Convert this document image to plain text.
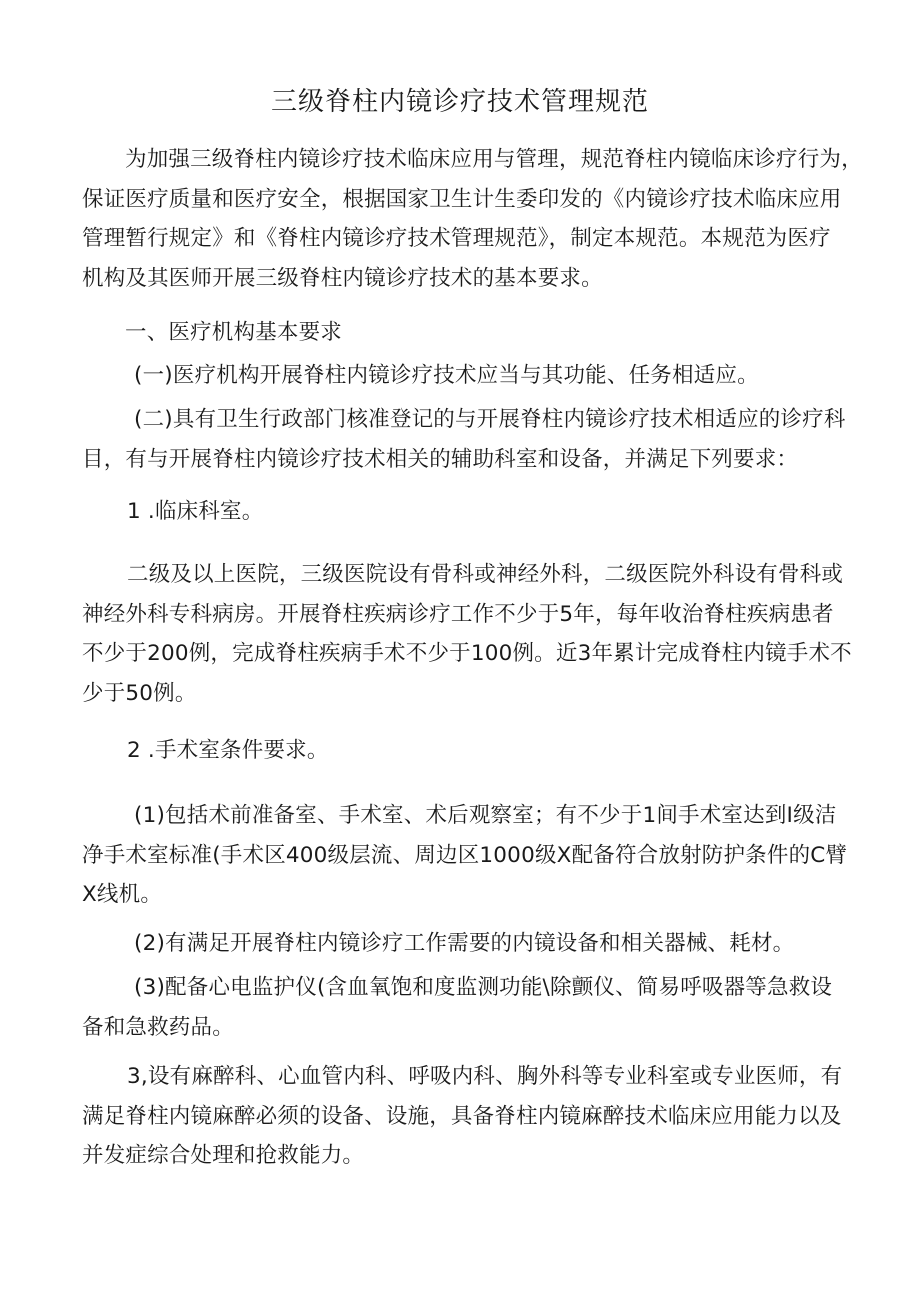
三级脊柱内镜诊疗技术管理规范
为加强三级脊柱内镜诊疗技术临床应用与管理，规范脊柱内镜临床诊疗行为，
保证医疗质量和医疗安全，根据国家卫生计生委印发的《内镜诊疗技术临床应用
管理暂行规定》和《脊柱内镜诊疗技术管理规范》，制定本规范。本规范为医疗
机构及其医师开展三级脊柱内镜诊疗技术的基本要求。
一、医疗机构基本要求
(一)医疗机构开展脊柱内镜诊疗技术应当与其功能、任务相适应。
(二)具有卫生行政部门核准登记的与开展脊柱内镜诊疗技术相适应的诊疗科
目，有与开展脊柱内镜诊疗技术相关的辅助科室和设备，并满足下列要求：
1 .临床科室。
二级及以上医院，三级医院设有骨科或神经外科，二级医院外科设有骨科或
神经外科专科病房。开展脊柱疾病诊疗工作不少于5年，每年收治脊柱疾病患者
不少于200例，完成脊柱疾病手术不少于100例。近3年累计完成脊柱内镜手术不
少于50例。
2 .手术室条件要求。
(1)包括术前准备室、手术室、术后观察室；有不少于1间手术室达到I级洁
净手术室标准(手术区400级层流、周边区1000级X配备符合放射防护条件的C臂
X线机。
(2)有满足开展脊柱内镜诊疗工作需要的内镜设备和相关器械、耗材。
(3)配备心电监护仪(含血氧饱和度监测功能\除颤仪、简易呼吸器等急救设
备和急救药品。
3,设有麻醉科、心血管内科、呼吸内科、胸外科等专业科室或专业医师，有
满足脊柱内镜麻醉必须的设备、设施，具备脊柱内镜麻醉技术临床应用能力以及
并发症综合处理和抢救能力。
